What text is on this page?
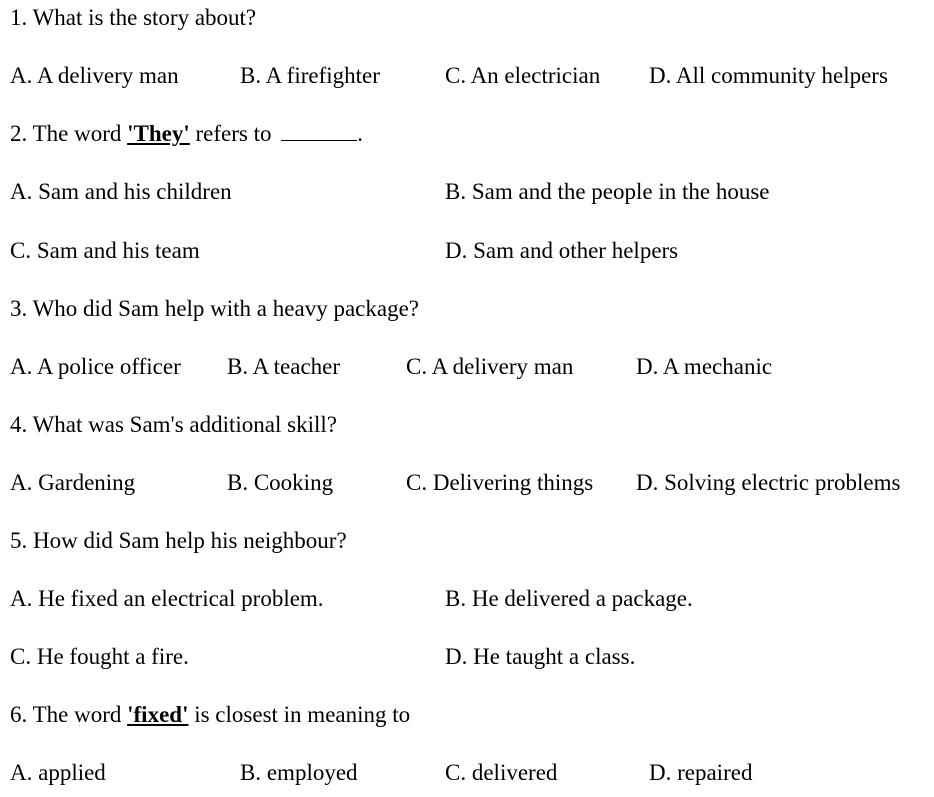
1. What is the story about?
A. A delivery man	B. A firefighter	C. An electrician D. All community helpers
2. The word 'They' refers to	.
A. Sam and his children	B. Sam and the people in the house
C. Sam and his team	D. Sam and other helpers
3. Who did Sam help with a heavy package?
A. A police officer B. A teacher	C. A delivery man	D. A mechanic
4. What was Sam's additional skill?
A. Gardening	B. Cooking	C. Delivering things D. Solving electric problems
5. How did Sam help his neighbour?
A. He fixed an electrical problem.	B. He delivered a package.
C. He fought a fire.	D. He taught a class.
6. The word 'fixed' is closest in meaning to
A. applied	B. employed	C. delivered	D. repaired
